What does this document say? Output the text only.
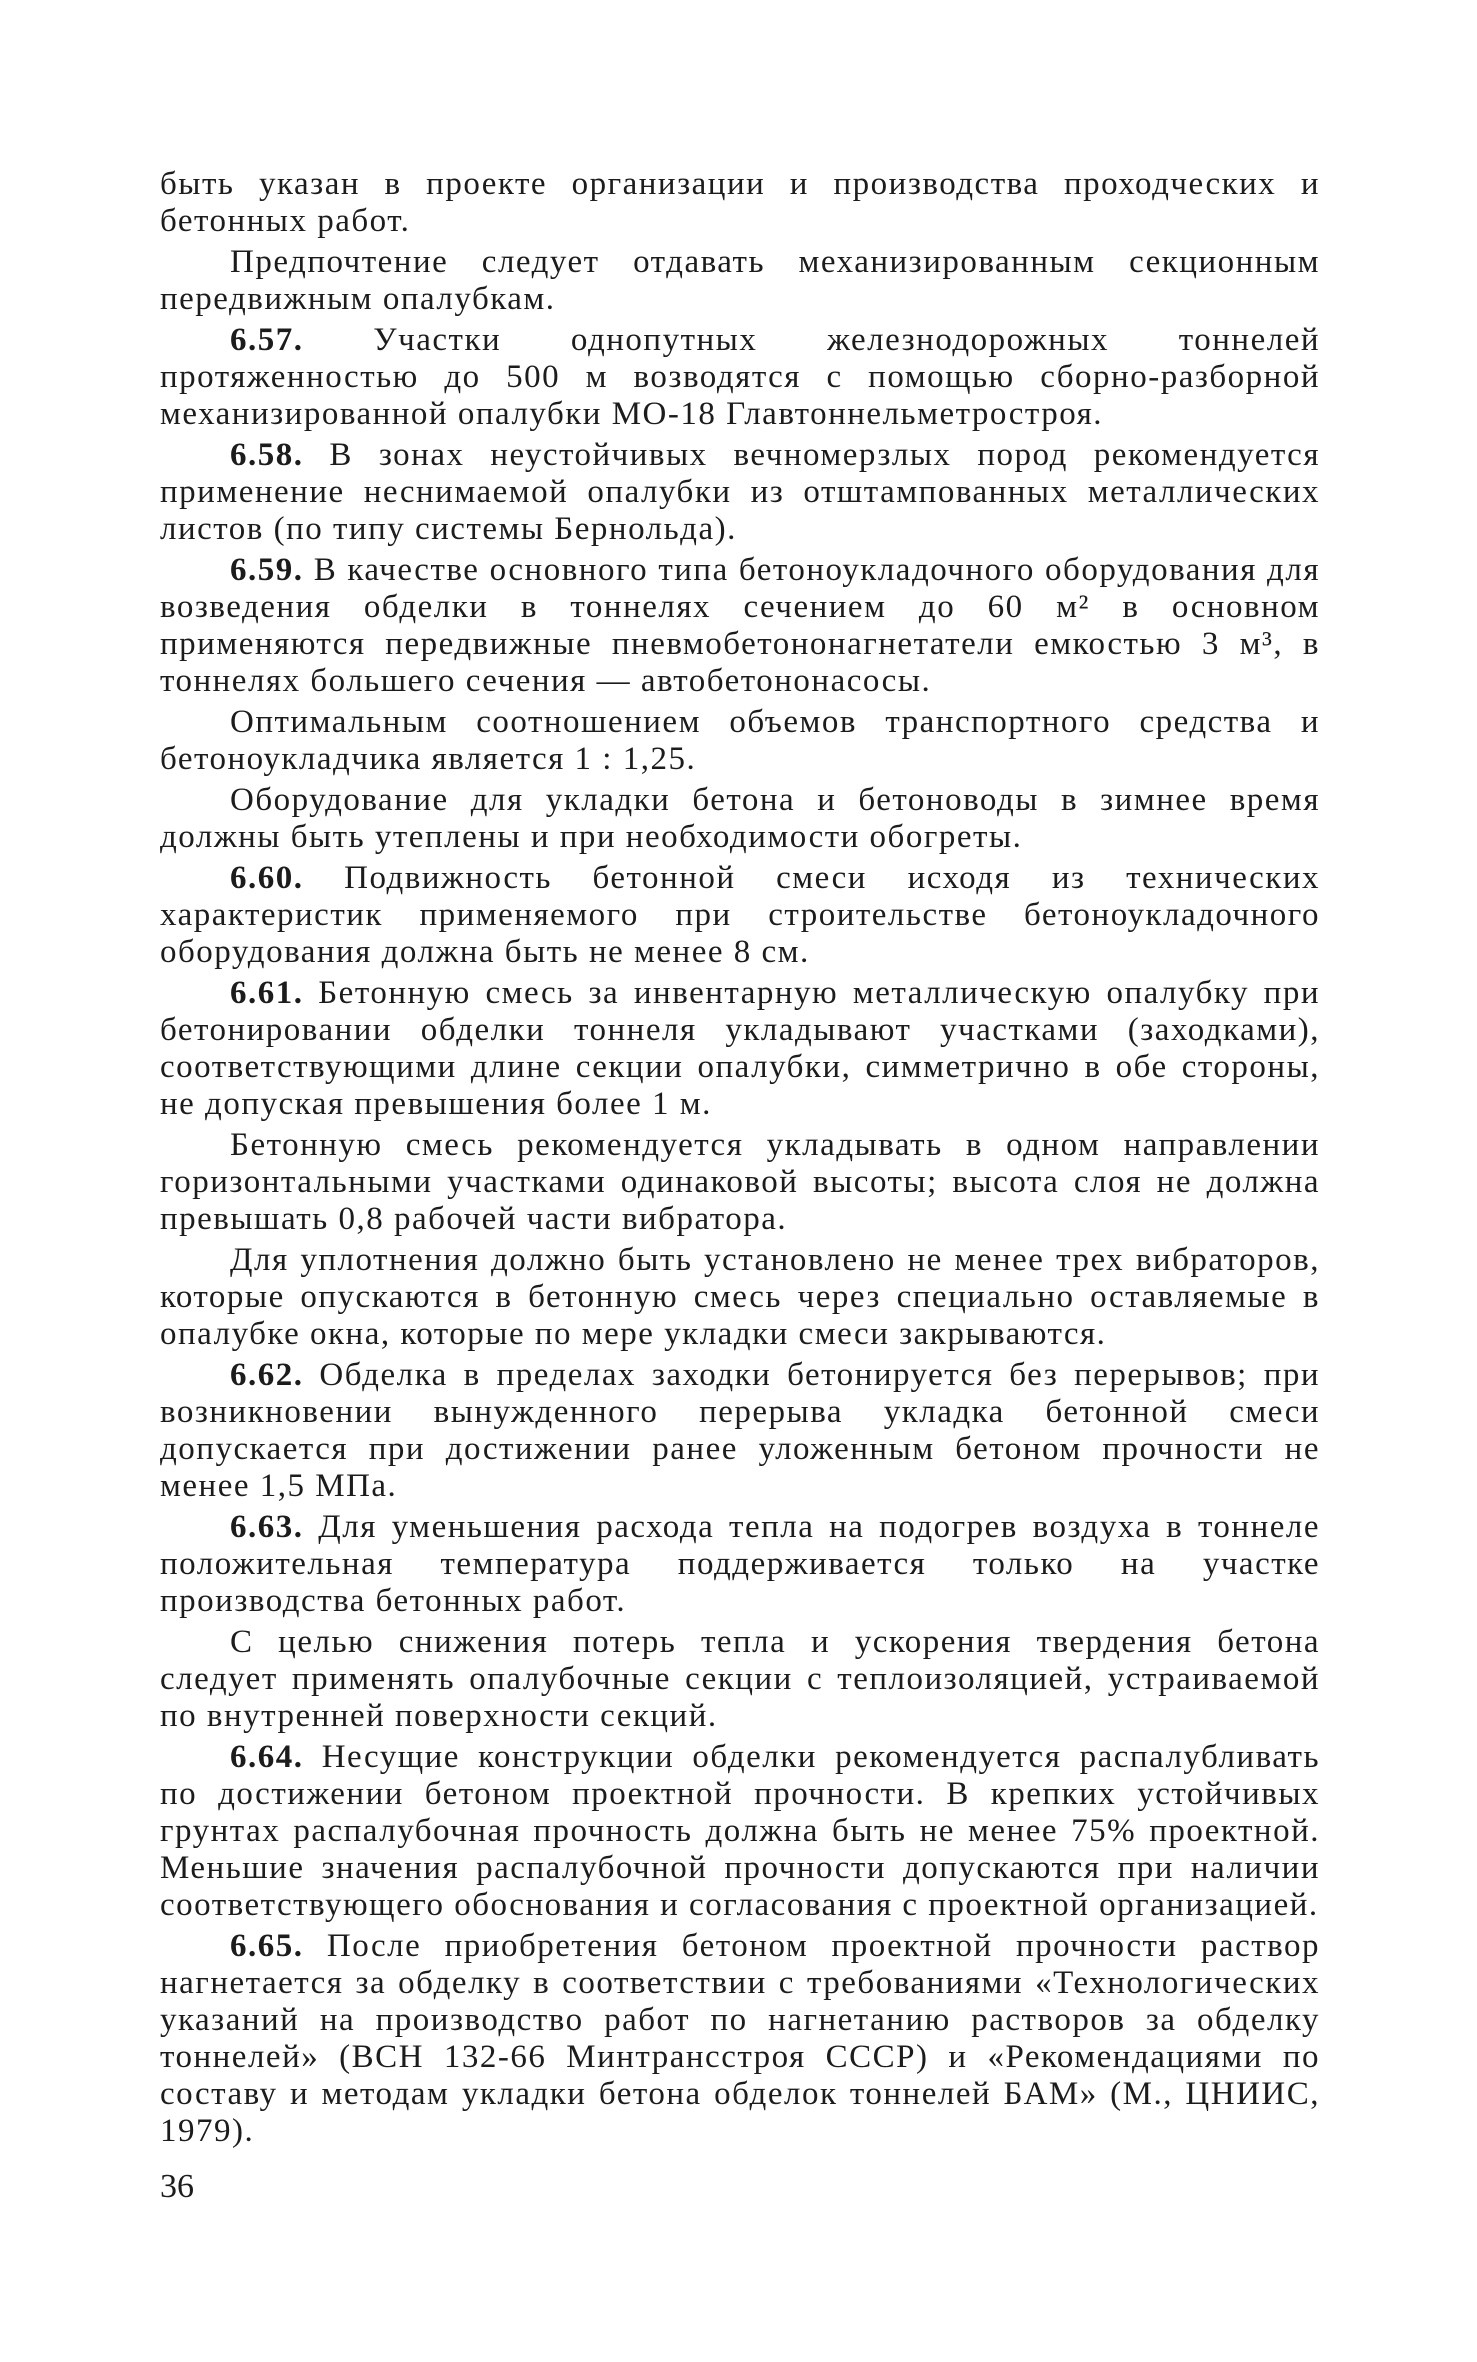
быть указан в проекте организации и производства проходческих и бетонных работ.

Предпочтение следует отдавать механизированным секционным передвижным опалубкам.

6.57. Участки однопутных железнодорожных тоннелей протяженностью до 500 м возводятся с помощью сборно-разборной механизированной опалубки МО-18 Главтоннельметростроя.

6.58. В зонах неустойчивых вечномерзлых пород рекомендуется применение неснимаемой опалубки из отштампованных металлических листов (по типу системы Бернольда).

6.59. В качестве основного типа бетоноукладочного оборудования для возведения обделки в тоннелях сечением до 60 м² в основном применяются передвижные пневмобетононагнетатели емкостью 3 м³, в тоннелях большего сечения — автобетононасосы.

Оптимальным соотношением объемов транспортного средства и бетоноукладчика является 1 : 1,25.

Оборудование для укладки бетона и бетоноводы в зимнее время должны быть утеплены и при необходимости обогреты.

6.60. Подвижность бетонной смеси исходя из технических характеристик применяемого при строительстве бетоноукладочного оборудования должна быть не менее 8 см.

6.61. Бетонную смесь за инвентарную металлическую опалубку при бетонировании обделки тоннеля укладывают участками (заходками), соответствующими длине секции опалубки, симметрично в обе стороны, не допуская превышения более 1 м.

Бетонную смесь рекомендуется укладывать в одном направлении горизонтальными участками одинаковой высоты; высота слоя не должна превышать 0,8 рабочей части вибратора.

Для уплотнения должно быть установлено не менее трех вибраторов, которые опускаются в бетонную смесь через специально оставляемые в опалубке окна, которые по мере укладки смеси закрываются.

6.62. Обделка в пределах заходки бетонируется без перерывов; при возникновении вынужденного перерыва укладка бетонной смеси допускается при достижении ранее уложенным бетоном прочности не менее 1,5 МПа.

6.63. Для уменьшения расхода тепла на подогрев воздуха в тоннеле положительная температура поддерживается только на участке производства бетонных работ.

С целью снижения потерь тепла и ускорения твердения бетона следует применять опалубочные секции с теплоизоляцией, устраиваемой по внутренней поверхности секций.

6.64. Несущие конструкции обделки рекомендуется распалубливать по достижении бетоном проектной прочности. В крепких устойчивых грунтах распалубочная прочность должна быть не менее 75% проектной. Меньшие значения распалубочной прочности допускаются при наличии соответствующего обоснования и согласования с проектной организацией.

6.65. После приобретения бетоном проектной прочности раствор нагнетается за обделку в соответствии с требованиями «Технологических указаний на производство работ по нагнетанию растворов за обделку тоннелей» (ВСН 132-66 Минтрансстроя СССР) и «Рекомендациями по составу и методам укладки бетона обделок тоннелей БАМ» (М., ЦНИИС, 1979).

36
